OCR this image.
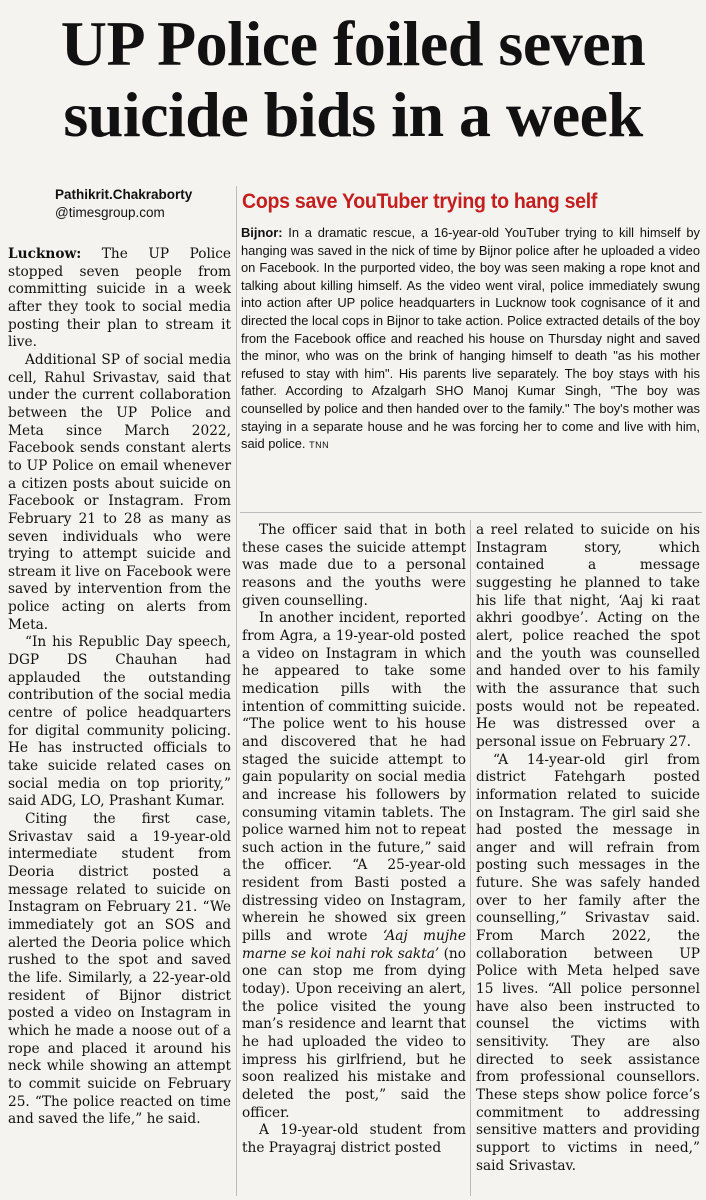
UP Police foiled seven
suicide bids in a week
Pathikrit.Chakraborty
@timesgroup.com	Cops save YouTuber trying to hang self

Bijnor: In a dramatic rescue, a 16-year-old YouTuber trying to kill himself by hanging was saved in the nick of time by Bijnor police after he uploaded a video on Facebook. In the purported video, the boy was seen making a rope knot and talking about killing himself. As the video went viral, police immediately swung into action after UP police headquarters in Lucknow took cognisance of it and directed the local cops in Bijnor to take action. Police extracted details of the boy from the Facebook office and reached his house on Thursday night and saved the minor, who was on the brink of hanging himself to death "as his mother refused to stay with him". His parents live separately. The boy stays with his father. According to Afzalgarh SHO Manoj Kumar Singh, "The boy was counselled by police and then handed over to the family." The boy's mother was staying in a separate house and he was forcing her to come and live with him, said police. TNN

Lucknow: The UP Police stopped seven people from committing suicide in a week after they took to social media posting their plan to stream it live.

Additional SP of social media cell, Rahul Srivastav, said that under the current collaboration between the UP Police and Meta since March 2022, Facebook sends constant alerts to UP Police on email whenever a citizen posts about suicide on Facebook or Instagram. From February 21 to 28 as many as seven individuals who were trying to attempt suicide and stream it live on Facebook were saved by intervention from the police acting on alerts from Meta.

“In his Republic Day speech, DGP DS Chauhan had applauded the outstanding contribution of the social media centre of police headquarters for digital community policing. He has instructed officials to take suicide related cases on social media on top priority,” said ADG, LO, Prashant Kumar.

Citing the first case, Srivastav said a 19-year-old intermediate student from Deoria district posted a message related to suicide on Instagram on February 21. “We immediately got an SOS and alerted the Deoria police which rushed to the spot and saved the life. Similarly, a 22-year-old resident of Bijnor district posted a video on Instagram in which he made a noose out of a rope and placed it around his neck while showing an attempt to commit suicide on February 25. “The police reacted on time and saved the life,” he said.

The officer said that in both these cases the suicide attempt was made due to a personal reasons and the youths were given counselling.

In another incident, reported from Agra, a 19-year-old posted a video on Instagram in which he appeared to take some medication pills with the intention of committing suicide. “The police went to his house and discovered that he had staged the suicide attempt to gain popularity on social media and increase his followers by consuming vitamin tablets. The police warned him not to repeat such action in the future,” said the officer. “A 25-year-old resident from Basti posted a distressing video on Instagram, wherein he showed six green pills and wrote ‘Aaj mujhe marne se koi nahi rok sakta’ (no one can stop me from dying today). Upon receiving an alert, the police visited the young man’s residence and learnt that he had uploaded the video to impress his girlfriend, but he soon realized his mistake and deleted the post,” said the officer.

A 19-year-old student from the Prayagraj district posted

a reel related to suicide on his Instagram story, which contained a message suggesting he planned to take his life that night, ‘Aaj ki raat akhri goodbye’. Acting on the alert, police reached the spot and the youth was counselled and handed over to his family with the assurance that such posts would not be repeated. He was distressed over a personal issue on February 27.

“A 14-year-old girl from district Fatehgarh posted information related to suicide on Instagram. The girl said she had posted the message in anger and will refrain from posting such messages in the future. She was safely handed over to her family after the counselling,” Srivastav said. From March 2022, the collaboration between UP Police with Meta helped save 15 lives. “All police personnel have also been instructed to counsel the victims with sensitivity. They are also directed to seek assistance from professional counsellors. These steps show police force’s commitment to addressing sensitive matters and providing support to victims in need,” said Srivastav.
